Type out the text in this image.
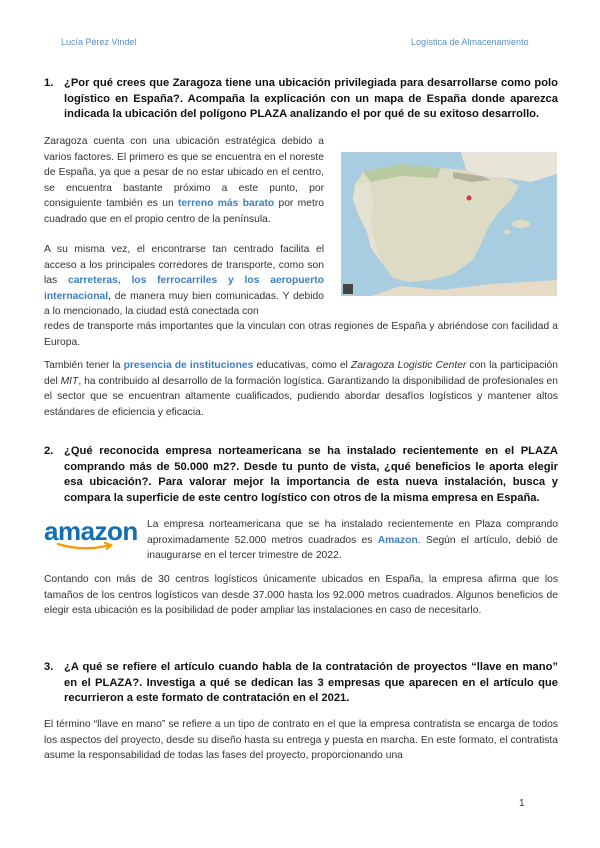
Lucía Pérez Vindel	Logística de Almacenamiento
1. ¿Por qué crees que Zaragoza tiene una ubicación privilegiada para desarrollarse como polo logístico en España?. Acompaña la explicación con un mapa de España donde aparezca indicada la ubicación del polígono PLAZA analizando el por qué de su exitoso desarrollo.
Zaragoza cuenta con una ubicación estratégica debido a varios factores. El primero es que se encuentra en el noreste de España, ya que a pesar de no estar ubicado en el centro, se encuentra bastante próximo a este punto, por consiguiente también es un terreno más barato por metro cuadrado que en el propio centro de la península.
A su misma vez, el encontrarse tan centrado facilita el acceso a los principales corredores de transporte, como son las carreteras, los ferrocarriles y los aeropuerto internacional, de manera muy bien comunicadas. Y debido a lo mencionado, la ciudad está conectada con
redes de transporte más importantes que la vinculan con otras regiones de España y abriéndose con facilidad a Europa.
También tener la presencia de instituciones educativas, como el Zaragoza Logistic Center con la participación del MIT, ha contribuido al desarrollo de la formación logística. Garantizando la disponibilidad de profesionales en el sector que se encuentran altamente cualificados, pudiendo abordar desafíos logísticos y mantener altos estándares de eficiencia y eficacia.
2. ¿Qué reconocida empresa norteamericana se ha instalado recientemente en el PLAZA comprando más de 50.000 m2?. Desde tu punto de vista, ¿qué beneficios le aporta elegir esa ubicación?. Para valorar mejor la importancia de esta nueva instalación, busca y compara la superficie de este centro logístico con otros de la misma empresa en España.
amazon La empresa norteamericana que se ha instalado recientemente en Plaza comprando aproximadamente 52.000 metros cuadrados es Amazon. Según el artículo, debió de inaugurarse en el tercer trimestre de 2022.
Contando con más de 30 centros logísticos únicamente ubicados en España, la empresa afirma que los tamaños de los centros logísticos van desde 37.000 hasta los 92.000 metros cuadrados. Algunos beneficios de elegir esta ubicación es la posibilidad de poder ampliar las instalaciones en caso de necesitarlo.
3. ¿A qué se refiere el artículo cuando habla de la contratación de proyectos “llave en mano” en el PLAZA?. Investiga a qué se dedican las 3 empresas que aparecen en el artículo que recurrieron a este formato de contratación en el 2021.
El término “llave en mano” se refiere a un tipo de contrato en el que la empresa contratista se encarga de todos los aspectos del proyecto, desde su diseño hasta su entrega y puesta en marcha. En este formato, el contratista asume la responsabilidad de todas las fases del proyecto, proporcionando una
1
